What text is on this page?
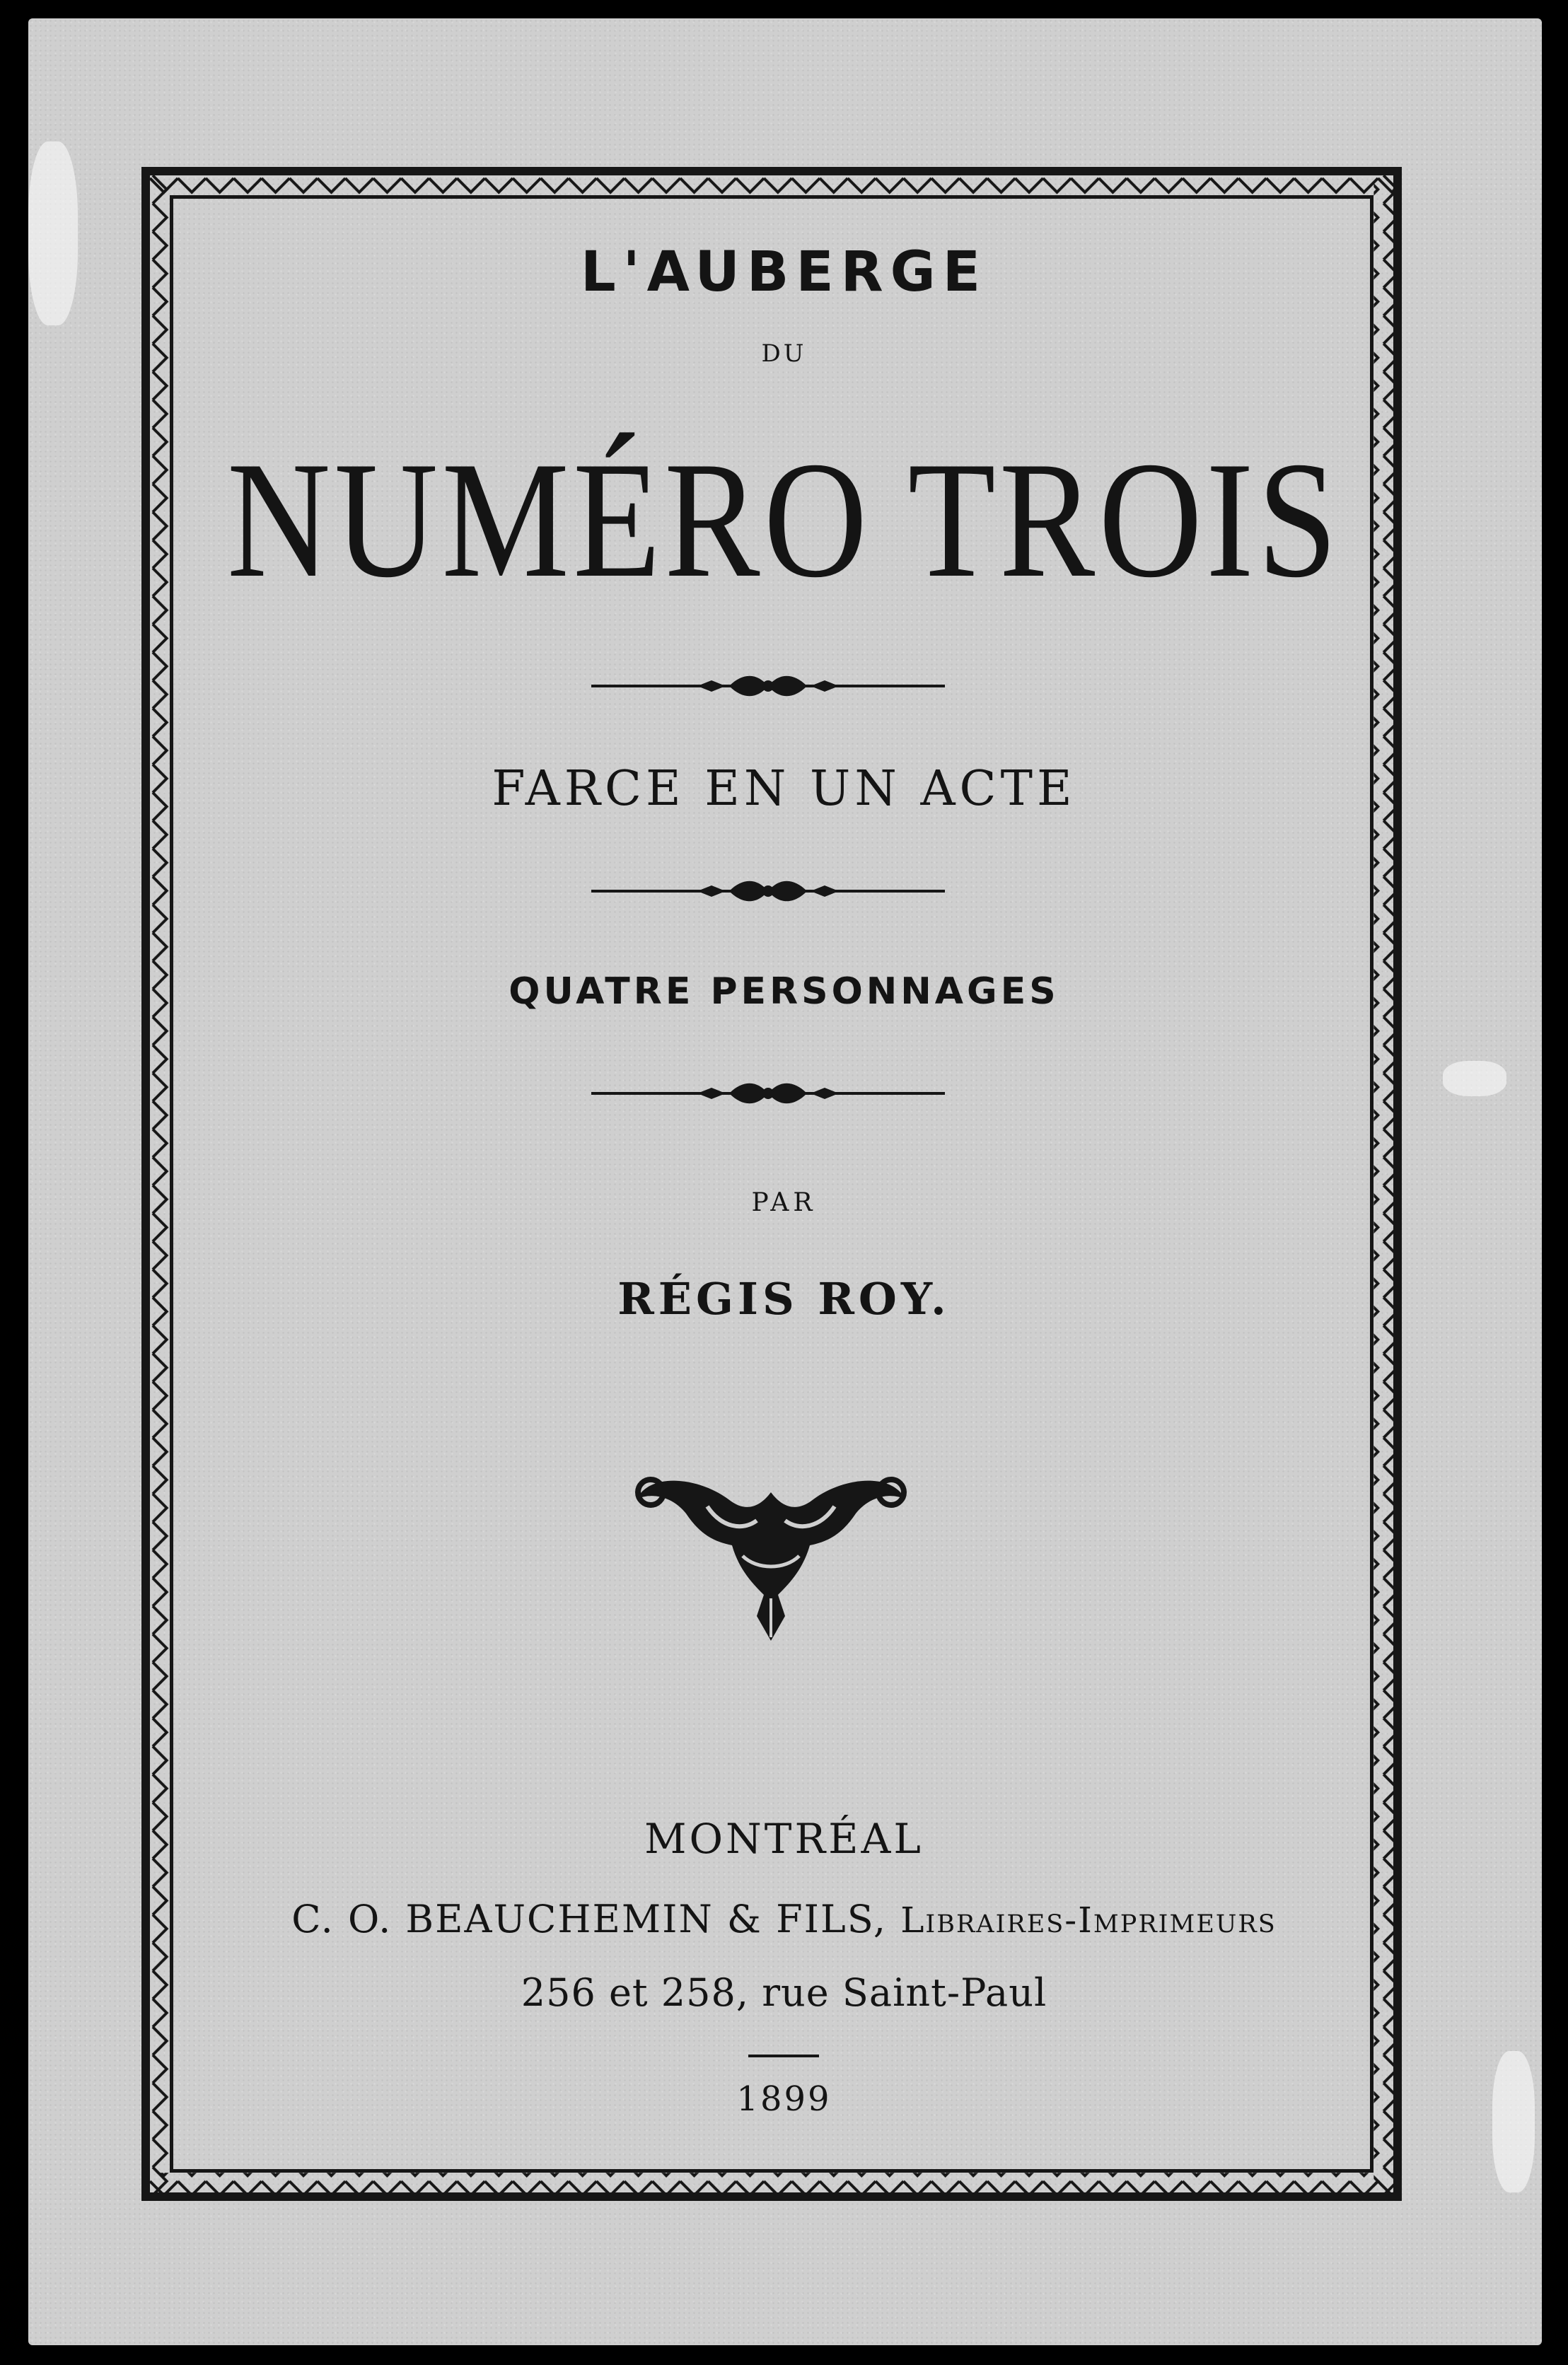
L'AUBERGE
DU
NUMÉRO TROIS
FARCE EN UN ACTE
QUATRE PERSONNAGES
PAR
RÉGIS ROY.
MONTRÉAL
C. O. BEAUCHEMIN & FILS, Libraires-Imprimeurs
256 et 258, rue Saint-Paul
1899
